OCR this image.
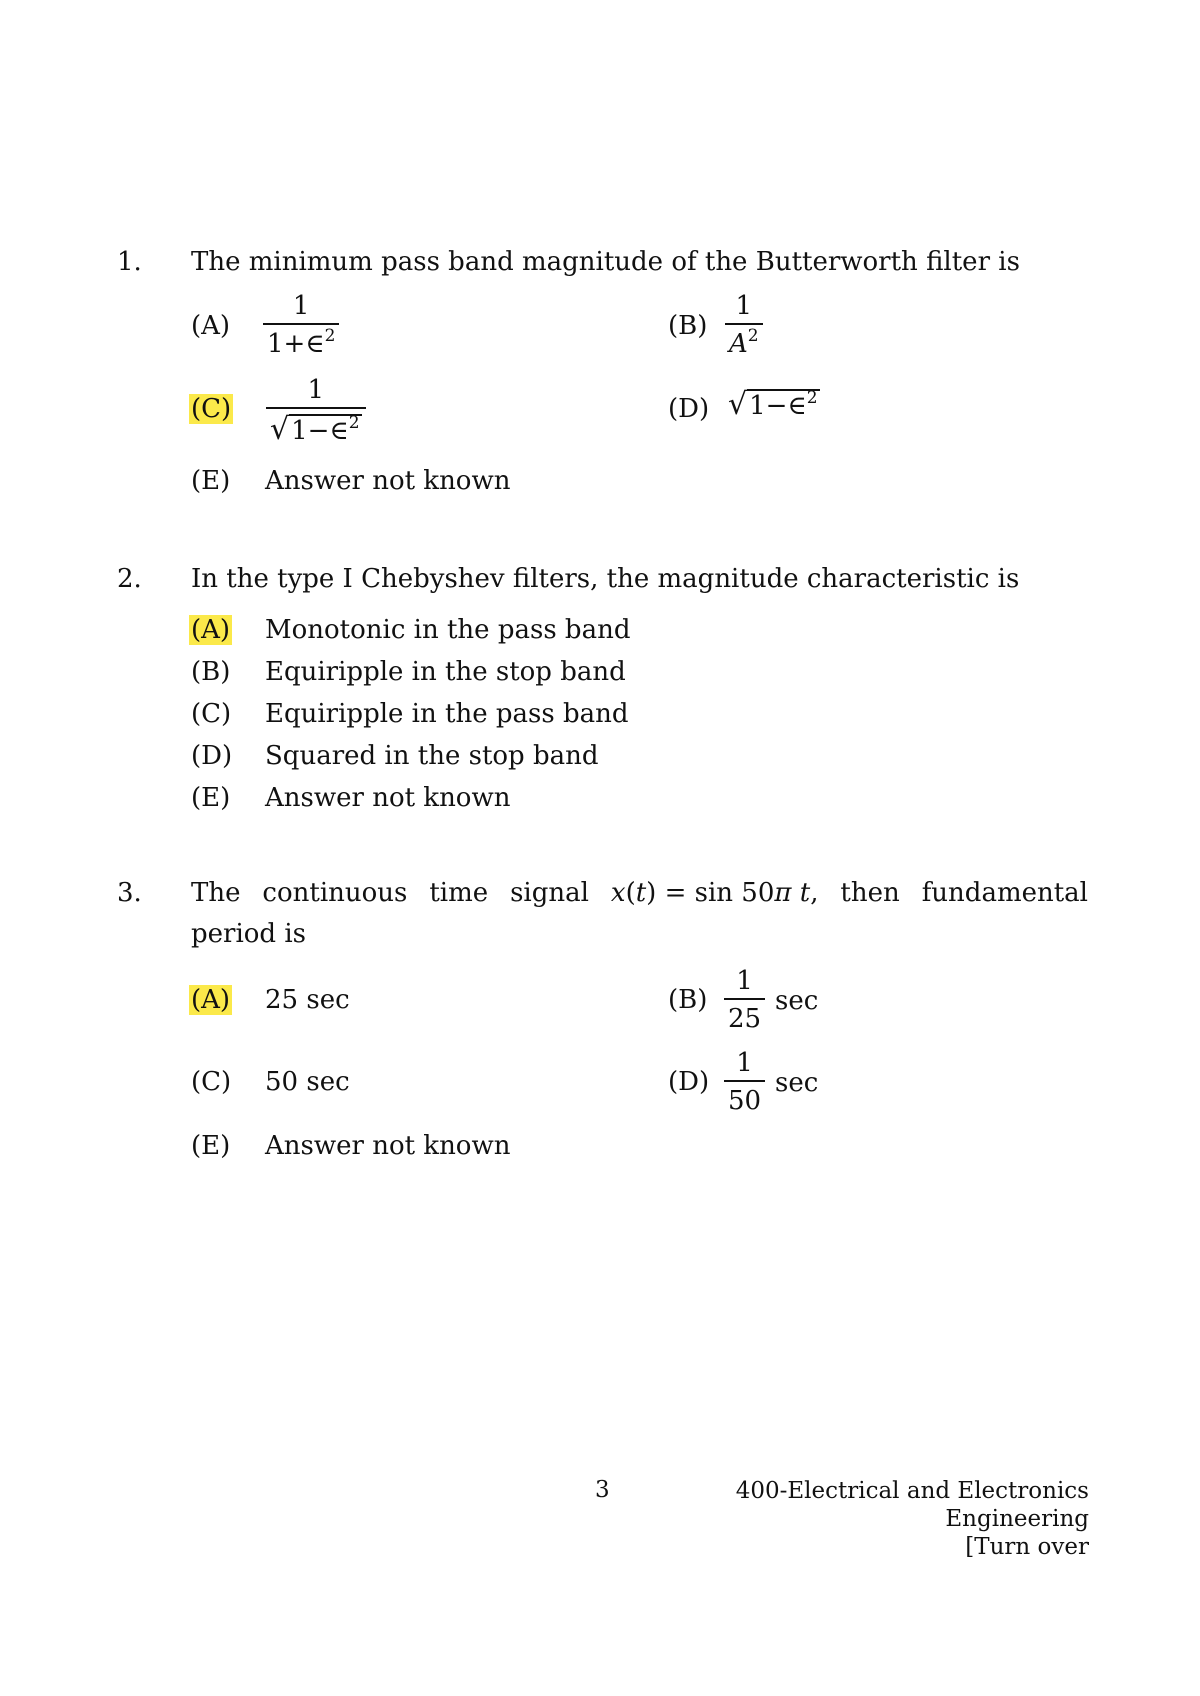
1. The minimum pass band magnitude of the Butterworth filter is
(A)
1
1+∈$^2$	(B)
1
$A^2$
(C)
1
√1−∈$^2$	(D) √1−∈$^2$
(E) Answer not known
2. In the type I Chebyshev filters, the magnitude characteristic is
(A) Monotonic in the pass band
(B) Equiripple in the stop band
(C) Equiripple in the pass band
(D) Squared in the stop band
(E) Answer not known
3. The continuous time signal x(t) = sin 50π t, then fundamental
period is
(A) 25 sec	(B)
1
25
sec
(C) 50 sec	(D)
1
50
sec
(E) Answer not known
3	400-Electrical and Electronics
Engineering
[Turn over
